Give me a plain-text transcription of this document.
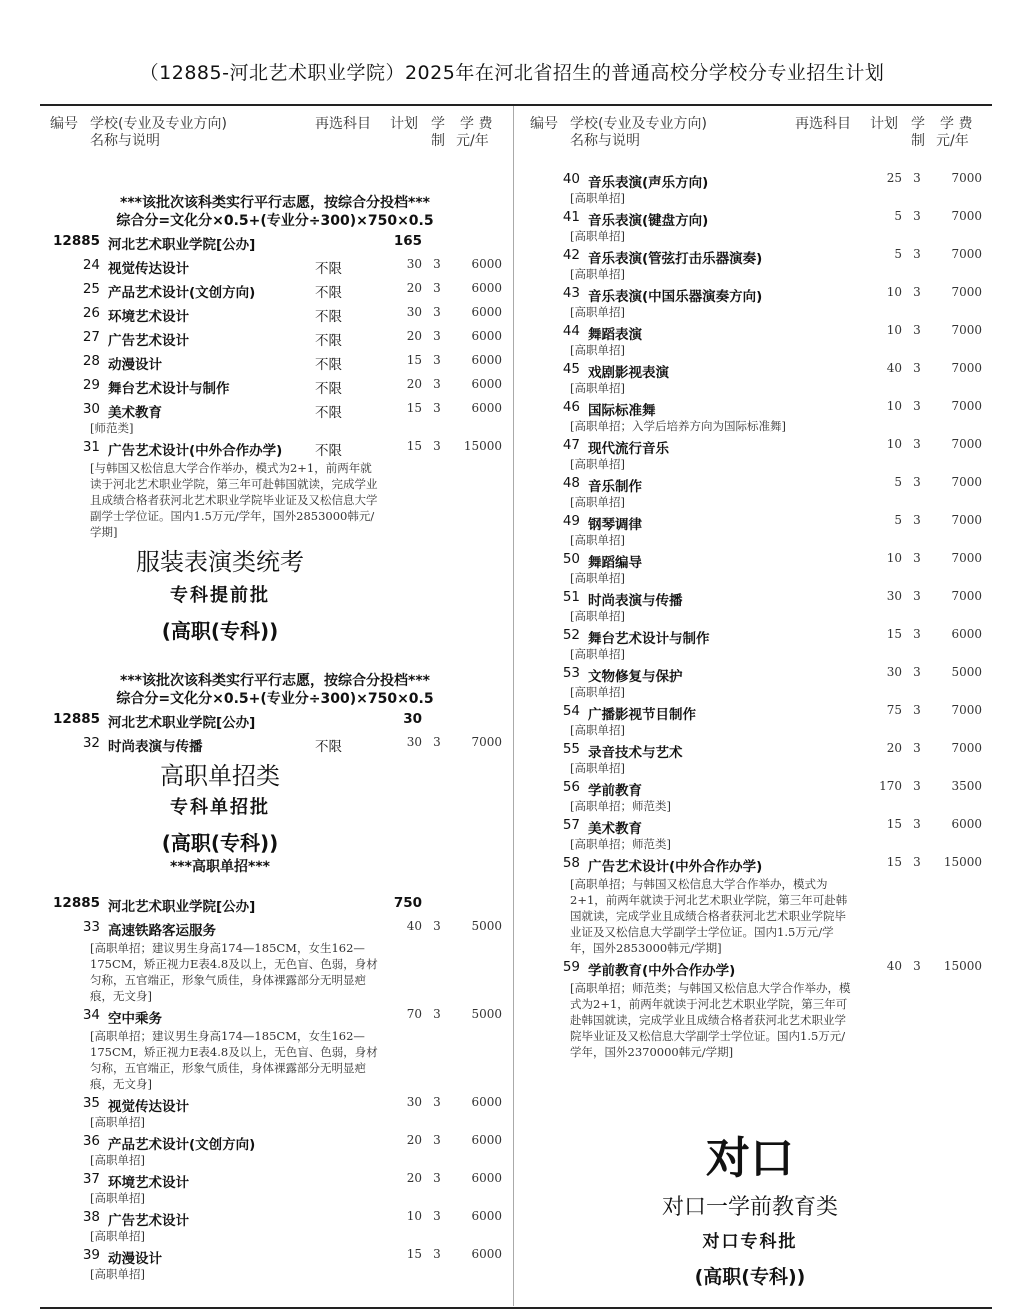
（12885-河北艺术职业学院）2025年在河北省招生的普通高校分学校分专业招生计划
编号 学校(专业及专业方向)
名称与说明
再选科目 计划 学
制
学 费
元/年
***该批次该科类实行平行志愿，按综合分投档***
综合分=文化分×0.5+(专业分÷300)×750×0.5
12885 河北艺术职业学院[公办]	165
24 视觉传达设计	不限	30 3	6000
25 产品艺术设计(文创方向)	不限	20 3	6000
26 环境艺术设计	不限	30 3	6000
27 广告艺术设计	不限	20 3	6000
28 动漫设计	不限	15 3	6000
29 舞台艺术设计与制作	不限	20 3	6000
30 美术教育	不限	15 3	6000
[师范类]
31 广告艺术设计(中外合作办学) 不限	15 3	15000
[与韩国又松信息大学合作举办，模式为2+1，前两年就读于河北艺术职业学院，第三年可赴韩国就读，完成学业且成绩合格者获河北艺术职业学院毕业证及又松信息大学副学士学位证。国内1.5万元/学年，国外2853000韩元/学期]
服装表演类统考
专科提前批
(高职(专科))
***该批次该科类实行平行志愿，按综合分投档***
综合分=文化分×0.5+(专业分÷300)×750×0.5
12885 河北艺术职业学院[公办]	30
32 时尚表演与传播	不限	30 3	7000
高职单招类
专科单招批
(高职(专科))
***高职单招***
12885 河北艺术职业学院[公办]	750
33 高速铁路客运服务	40 3	5000
[高职单招；建议男生身高174—185CM，女生162—175CM，矫正视力E表4.8及以上，无色盲、色弱，身材匀称，五官端正，形象气质佳，身体裸露部分无明显疤痕，无文身]
34 空中乘务	70 3	5000
[高职单招；建议男生身高174—185CM，女生162—175CM，矫正视力E表4.8及以上，无色盲、色弱，身材匀称，五官端正，形象气质佳，身体裸露部分无明显疤痕，无文身]
35 视觉传达设计	30 3	6000
[高职单招]
36 产品艺术设计(文创方向)	20 3	6000
[高职单招]
37 环境艺术设计	20 3	6000
[高职单招]
38 广告艺术设计	10 3	6000
[高职单招]
39 动漫设计	15 3	6000
[高职单招]
编号 学校(专业及专业方向)
名称与说明
再选科目 计划 学
制
学 费
元/年
40 音乐表演(声乐方向)	25 3	7000
[高职单招]
41 音乐表演(键盘方向)	5 3	7000
[高职单招]
42 音乐表演(管弦打击乐器演奏)	5 3	7000
[高职单招]
43 音乐表演(中国乐器演奏方向)	10 3	7000
[高职单招]
44 舞蹈表演	10 3	7000
[高职单招]
45 戏剧影视表演	40 3	7000
[高职单招]
46 国际标准舞	10 3	7000
[高职单招；入学后培养方向为国际标准舞]
47 现代流行音乐	10 3	7000
[高职单招]
48 音乐制作	5 3	7000
[高职单招]
49 钢琴调律	5 3	7000
[高职单招]
50 舞蹈编导	10 3	7000
[高职单招]
51 时尚表演与传播	30 3	7000
[高职单招]
52 舞台艺术设计与制作	15 3	6000
[高职单招]
53 文物修复与保护	30 3	5000
[高职单招]
54 广播影视节目制作	75 3	7000
[高职单招]
55 录音技术与艺术	20 3	7000
[高职单招]
56 学前教育	170 3	3500
[高职单招；师范类]
57 美术教育	15 3	6000
[高职单招；师范类]
58 广告艺术设计(中外合作办学)	15 3	15000
[高职单招；与韩国又松信息大学合作举办，模式为2+1，前两年就读于河北艺术职业学院，第三年可赴韩国就读，完成学业且成绩合格者获河北艺术职业学院毕业证及又松信息大学副学士学位证。国内1.5万元/学年，国外2853000韩元/学期]
59 学前教育(中外合作办学)	40 3	15000
[高职单招；师范类；与韩国又松信息大学合作举办，模式为2+1，前两年就读于河北艺术职业学院，第三年可赴韩国就读，完成学业且成绩合格者获河北艺术职业学院毕业证及又松信息大学副学士学位证。国内1.5万元/学年，国外2370000韩元/学期]
对口
对口一学前教育类
对口专科批
(高职(专科))
